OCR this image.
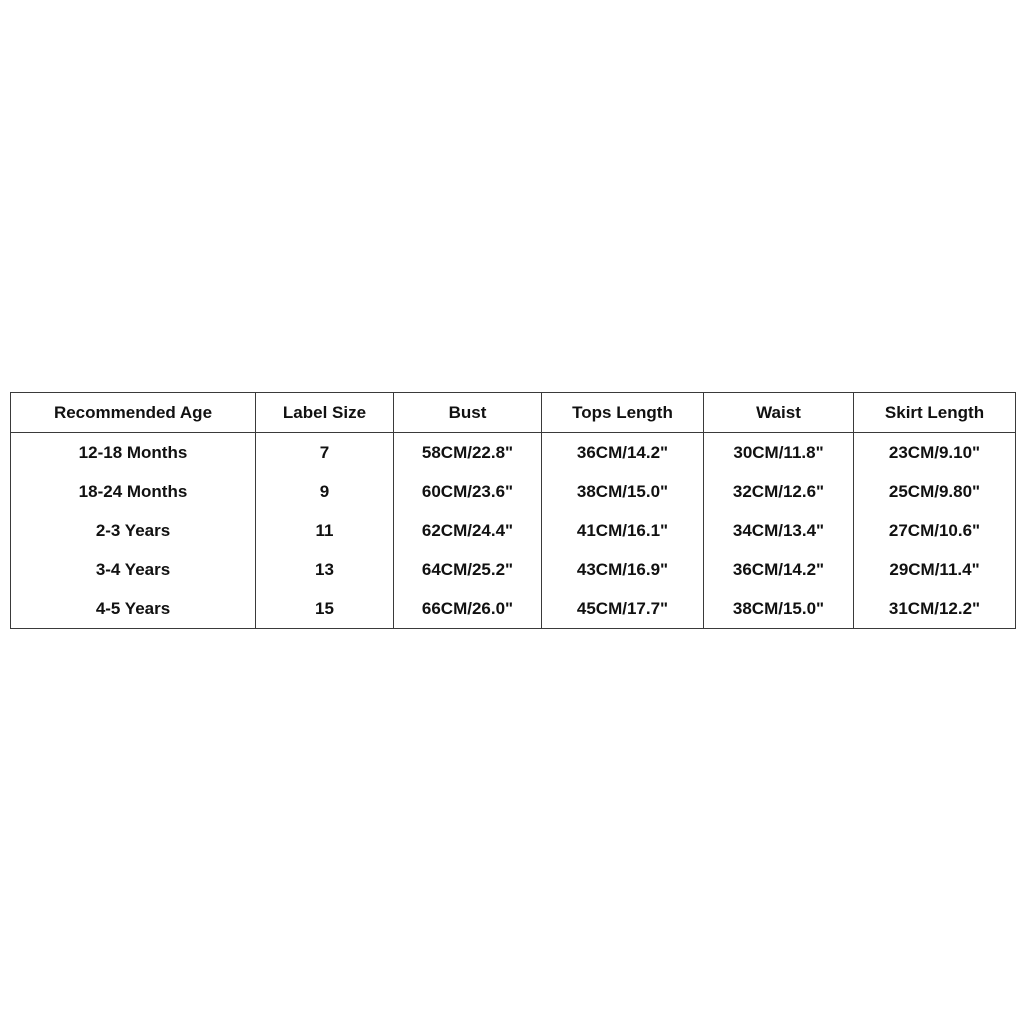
Recommended Age	Label Size	Bust	Tops Length	Waist	Skirt Length
12-18 Months	7	58CM/22.8"	36CM/14.2"	30CM/11.8"	23CM/9.10"
18-24 Months	9	60CM/23.6"	38CM/15.0"	32CM/12.6"	25CM/9.80"
2-3 Years	11	62CM/24.4"	41CM/16.1"	34CM/13.4"	27CM/10.6"
3-4 Years	13	64CM/25.2"	43CM/16.9"	36CM/14.2"	29CM/11.4"
4-5 Years	15	66CM/26.0"	45CM/17.7"	38CM/15.0"	31CM/12.2"
